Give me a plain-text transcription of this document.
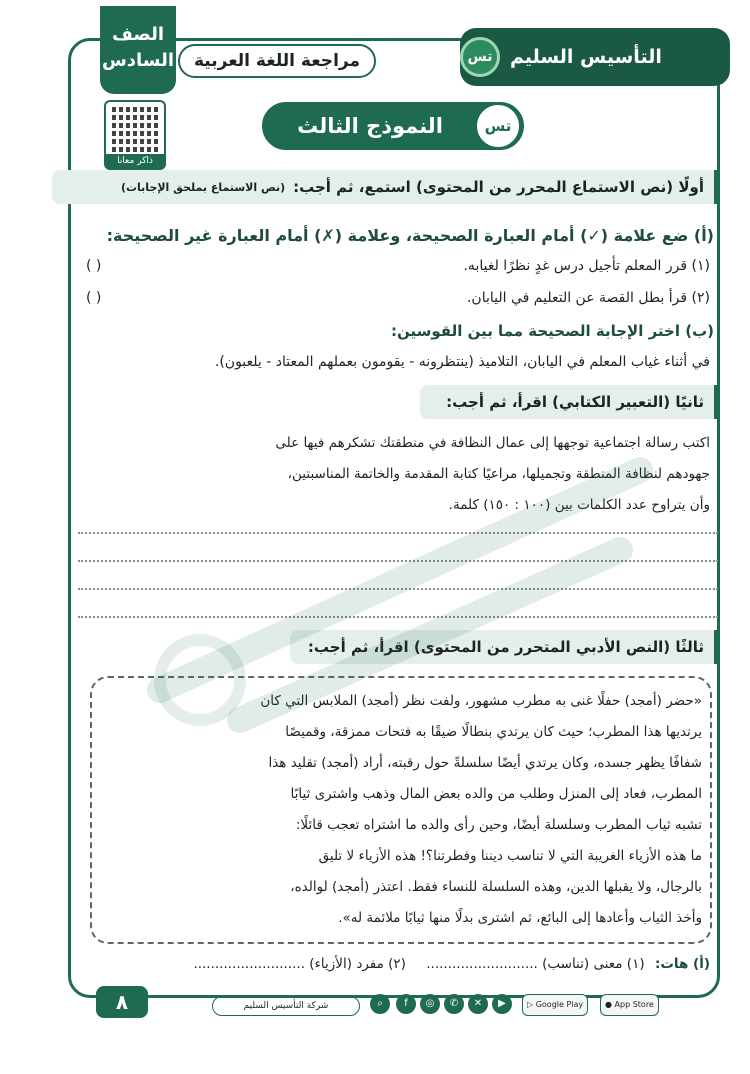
الصف
السادس	مراجعة اللغة العربية	التأسيس السليم
تس
ذاكر معانا
تس
النموذج الثالث
أولًا (نص الاستماع المحرر من المحتوى) استمع، ثم أجب:
(نص الاستماع بملحق الإجابات)
(أ) ضع علامة (✓) أمام العبارة الصحيحة، وعلامة (✗) أمام العبارة غير الصحيحة:
(١) قرر المعلم تأجيل درس غدٍ نظرًا لغيابه.
( )
(٢) قرأ بطل القصة عن التعليم في اليابان.
( )
(ب) اختر الإجابة الصحيحة مما بين القوسين:
في أثناء غياب المعلم في اليابان، التلاميذ (ينتظرونه - يقومون بعملهم المعتاد - يلعبون).
ثانيًا (التعبير الكتابي) اقرأ، ثم أجب:
اكتب رسالة اجتماعية توجهها إلى عمال النظافة في منطقتك تشكرهم فيها على
جهودهم لنظافة المنطقة وتجميلها، مراعيًا كتابة المقدمة والخاتمة المناسبتين،
وأن يتراوح عدد الكلمات بين (١٠٠ : ١٥٠) كلمة.
ثالثًا (النص الأدبي المتحرر من المحتوى) اقرأ، ثم أجب:
«حضر (أمجد) حفلًا غنى به مطرب مشهور، ولفت نظر (أمجد) الملابس التي كان
يرتديها هذا المطرب؛ حيث كان يرتدي بنطالًا ضيقًا به فتحات ممزقة، وقميصًا
شفافًا يظهر جسده، وكان يرتدي أيضًا سلسلةً حول رقبته، أراد (أمجد) تقليد هذا
المطرب، فعاد إلى المنزل وطلب من والده بعض المال وذهب واشترى ثيابًا
تشبه ثياب المطرب وسلسلة أيضًا، وحين رأى والده ما اشتراه تعجب قائلًا:
ما هذه الأزياء الغريبة التي لا تناسب ديننا وفطرتنا؟! هذه الأزياء لا تليق
بالرجال، ولا يقبلها الدين، وهذه السلسلة للنساء فقط. اعتذر (أمجد) لوالده،
وأخذ الثياب وأعادها إلى البائع، ثم اشترى بدلًا منها ثيابًا ملائمة له».
(أ) هات: (١) معنى (تناسب) .......................... (٢) مفرد (الأزياء) ..........................
٨	شركة التأسيس السليم	⌕	f	◎	✆	✕	▶	▷ Google Play	● App Store
